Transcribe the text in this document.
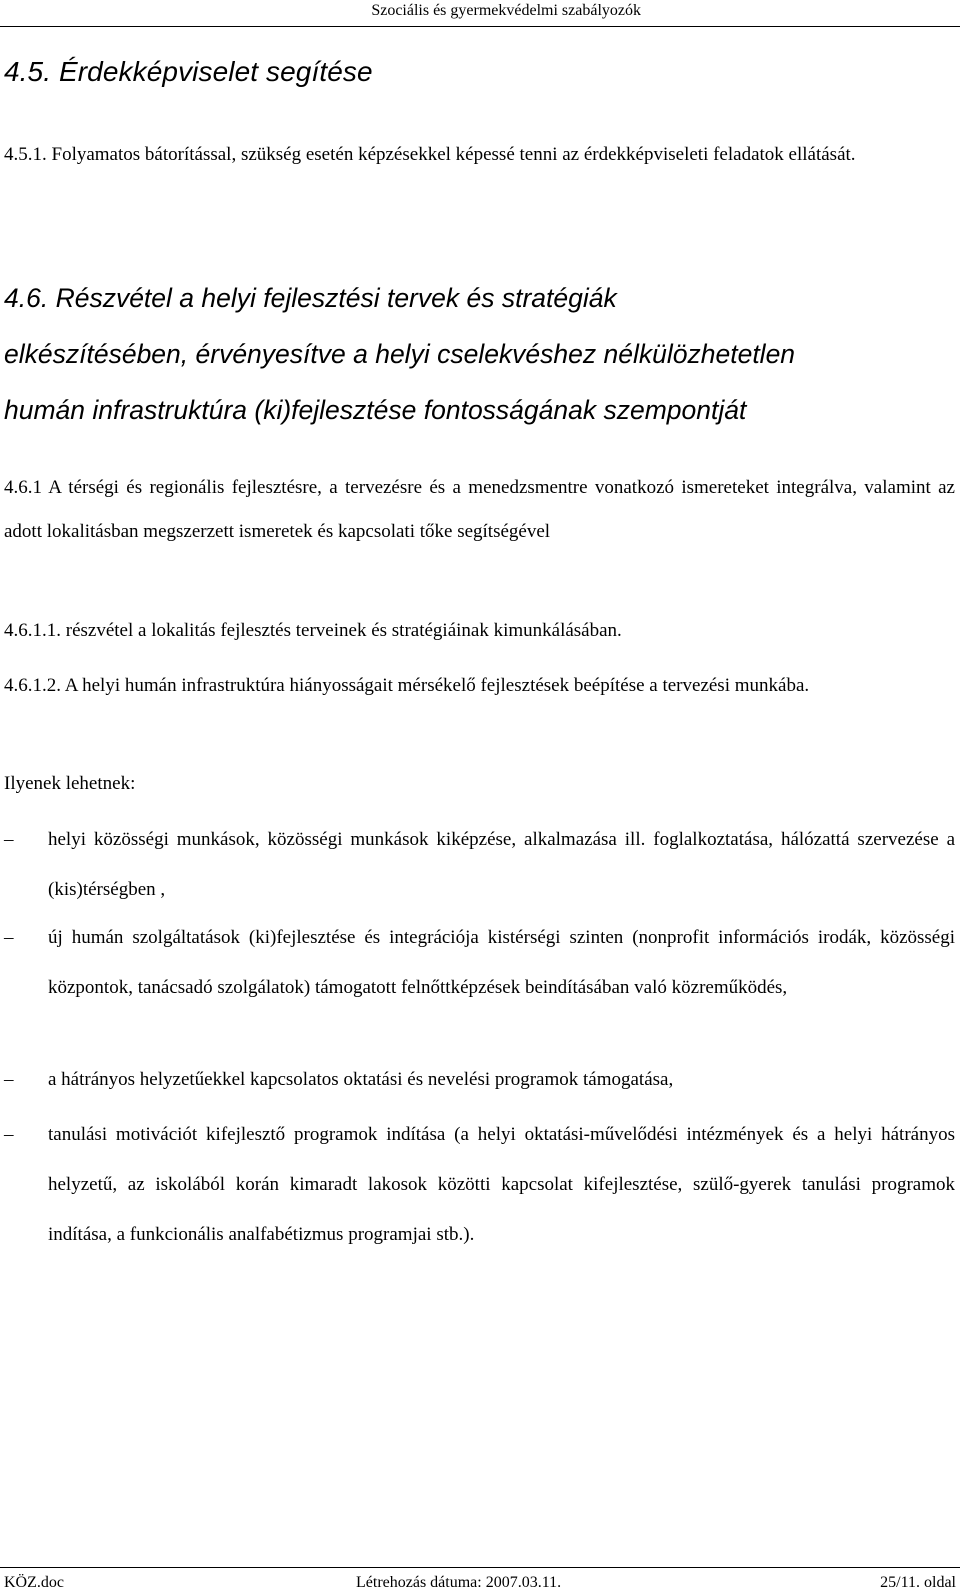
Szociális és gyermekvédelmi szabályozók
4.5. Érdekképviselet segítése
4.5.1. Folyamatos bátorítással, szükség esetén képzésekkel képessé tenni az érdekképviseleti feladatok ellátását.
4.6. Részvétel a helyi fejlesztési tervek és stratégiák
elkészítésében, érvényesítve a helyi cselekvéshez nélkülözhetetlen
humán infrastruktúra (ki)fejlesztése fontosságának szempontját
4.6.1 A térségi és regionális fejlesztésre, a tervezésre és a menedzsmentre vonatkozó ismereteket integrálva, valamint az adott lokalitásban megszerzett ismeretek és kapcsolati tőke segítségével
4.6.1.1. részvétel a lokalitás fejlesztés terveinek és stratégiáinak kimunkálásában.
4.6.1.2. A helyi humán infrastruktúra hiányosságait mérsékelő fejlesztések beépítése a tervezési munkába.
Ilyenek lehetnek:
– helyi közösségi munkások, közösségi munkások kiképzése, alkalmazása ill. foglalkoztatása, hálózattá szervezése a (kis)térségben ,
– új humán szolgáltatások (ki)fejlesztése és integrációja kistérségi szinten (nonprofit információs irodák, közösségi központok, tanácsadó szolgálatok) támogatott felnőttképzések beindításában való közreműködés,
– a hátrányos helyzetűekkel kapcsolatos oktatási és nevelési programok támogatása,
– tanulási motivációt kifejlesztő programok indítása (a helyi oktatási-művelődési intézmények és a helyi hátrányos helyzetű, az iskolából korán kimaradt lakosok közötti kapcsolat kifejlesztése, szülő-gyerek tanulási programok indítása, a funkcionális analfabétizmus programjai stb.).
KÖZ.doc	Létrehozás dátuma: 2007.03.11.	25/11. oldal
